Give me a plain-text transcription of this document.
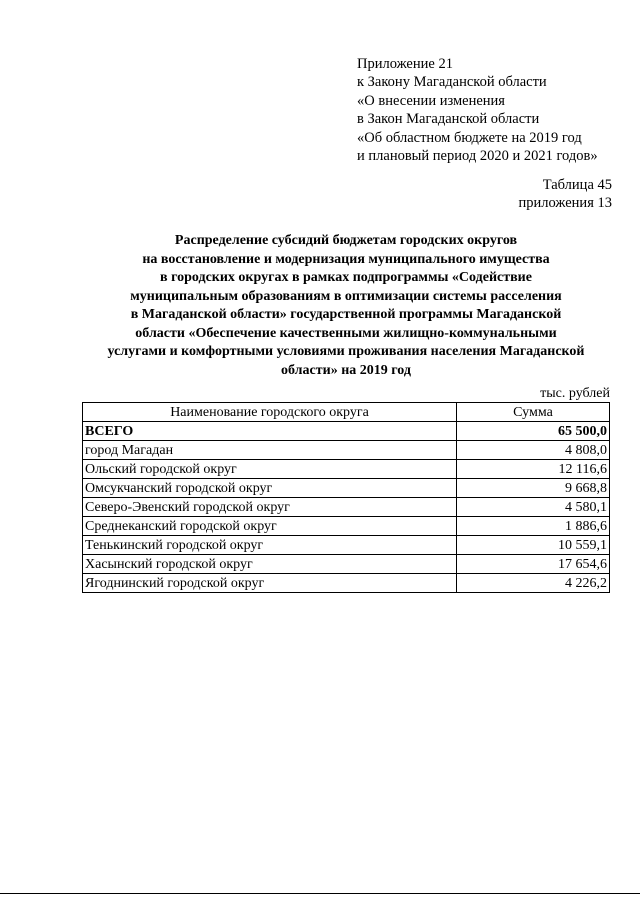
Приложение 21
к Закону Магаданской области
«О внесении изменения
в Закон Магаданской области
«Об областном бюджете на 2019 год
и плановый период 2020 и 2021 годов»
Таблица 45
приложения 13
Распределение субсидий бюджетам городских округов
на восстановление и модернизация муниципального имущества
в городских округах в рамках подпрограммы «Содействие
муниципальным образованиям в оптимизации системы расселения
в Магаданской области» государственной программы Магаданской
области «Обеспечение качественными жилищно-коммунальными
услугами и комфортными условиями проживания населения Магаданской
области» на 2019 год
тыс. рублей
Наименование городского округа	Сумма
ВСЕГО	65 500,0
город Магадан	4 808,0
Ольский городской округ	12 116,6
Омсукчанский городской округ	9 668,8
Северо-Эвенский городской округ	4 580,1
Среднеканский городской округ	1 886,6
Тенькинский городской округ	10 559,1
Хасынский городской округ	17 654,6
Ягоднинский городской округ	4 226,2
